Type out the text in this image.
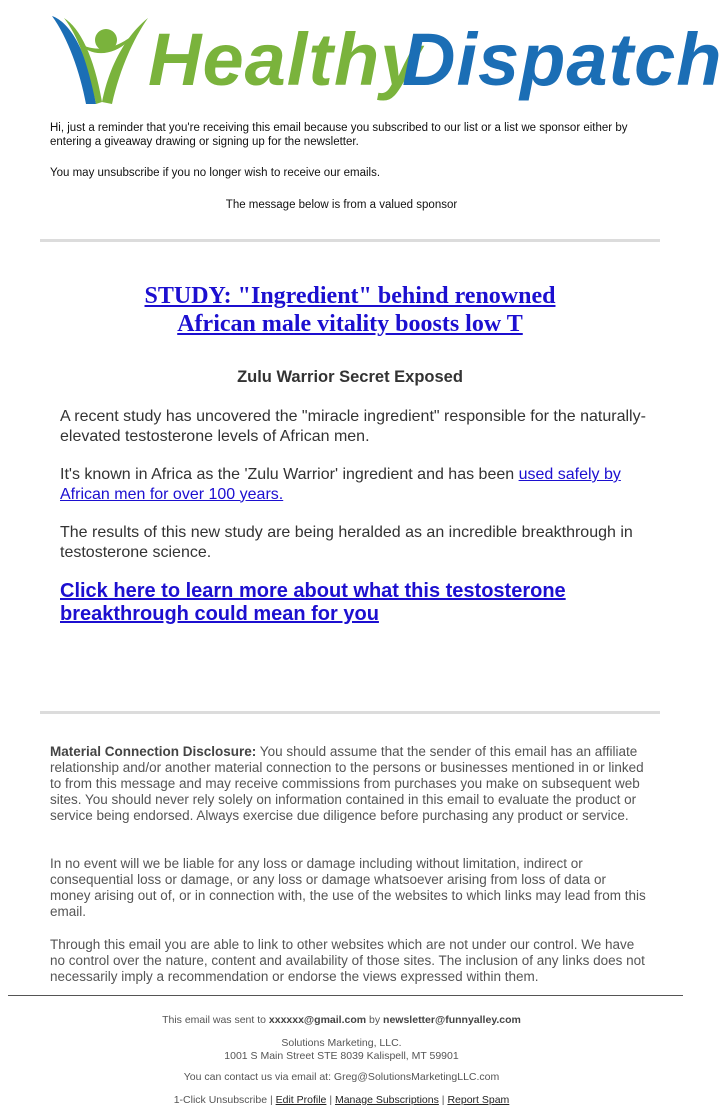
Healthy
Dispatch
Hi, just a reminder that you're receiving this email because you subscribed to our list or a list we sponsor either by entering a giveaway drawing or signing up for the newsletter.
You may unsubscribe if you no longer wish to receive our emails.
The message below is from a valued sponsor
STUDY: "Ingredient" behind renowned
African male vitality boosts low T
Zulu Warrior Secret Exposed
A recent study has uncovered the "miracle ingredient" responsible for the naturally-elevated testosterone levels of African men.
It's known in Africa as the 'Zulu Warrior' ingredient and has been used safely by African men for over 100 years.
The results of this new study are being heralded as an incredible breakthrough in testosterone science.
Click here to learn more about what this testosterone breakthrough could mean for you
Material Connection Disclosure: You should assume that the sender of this email has an affiliate relationship and/or another material connection to the persons or businesses mentioned in or linked to from this message and may receive commissions from purchases you make on subsequent web sites. You should never rely solely on information contained in this email to evaluate the product or service being endorsed. Always exercise due diligence before purchasing any product or service.
In no event will we be liable for any loss or damage including without limitation, indirect or consequential loss or damage, or any loss or damage whatsoever arising from loss of data or money arising out of, or in connection with, the use of the websites to which links may lead from this email.
Through this email you are able to link to other websites which are not under our control. We have no control over the nature, content and availability of those sites. The inclusion of any links does not necessarily imply a recommendation or endorse the views expressed within them.
This email was sent to xxxxxx@gmail.com by newsletter@funnyalley.com
Solutions Marketing, LLC.
1001 S Main Street STE 8039 Kalispell, MT 59901
You can contact us via email at: Greg@SolutionsMarketingLLC.com
1-Click Unsubscribe | Edit Profile | Manage Subscriptions | Report Spam
